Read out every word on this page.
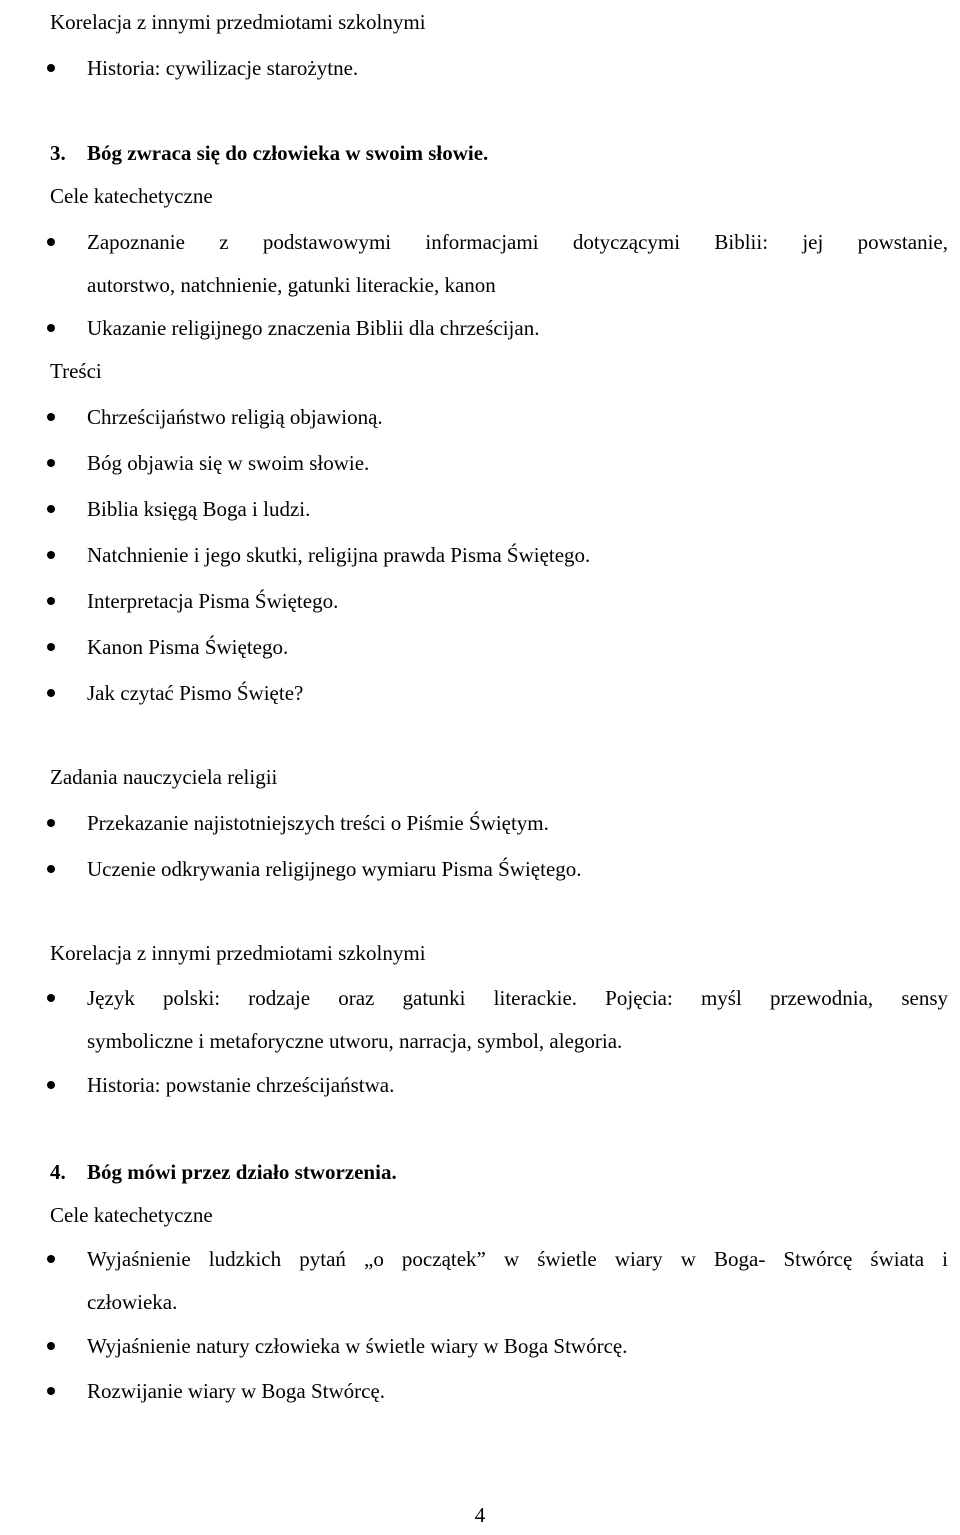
Korelacja z innymi przedmiotami szkolnymi
Historia: cywilizacje starożytne.
3. Bóg zwraca się do człowieka w swoim słowie.
Cele katechetyczne
Zapoznanie z podstawowymi informacjami dotyczącymi Biblii: jej powstanie,
autorstwo, natchnienie, gatunki literackie, kanon
Ukazanie religijnego znaczenia Biblii dla chrześcijan.
Treści
Chrześcijaństwo religią objawioną.
Bóg objawia się w swoim słowie.
Biblia księgą Boga i ludzi.
Natchnienie i jego skutki, religijna prawda Pisma Świętego.
Interpretacja Pisma Świętego.
Kanon Pisma Świętego.
Jak czytać Pismo Święte?
Zadania nauczyciela religii
Przekazanie najistotniejszych treści o Piśmie Świętym.
Uczenie odkrywania religijnego wymiaru Pisma Świętego.
Korelacja z innymi przedmiotami szkolnymi
Język polski: rodzaje oraz gatunki literackie. Pojęcia: myśl przewodnia, sensy
symboliczne i metaforyczne utworu, narracja, symbol, alegoria.
Historia: powstanie chrześcijaństwa.
4. Bóg mówi przez działo stworzenia.
Cele katechetyczne
Wyjaśnienie ludzkich pytań „o początek” w świetle wiary w Boga- Stwórcę świata i
człowieka.
Wyjaśnienie natury człowieka w świetle wiary w Boga Stwórcę.
Rozwijanie wiary w Boga Stwórcę.
4
